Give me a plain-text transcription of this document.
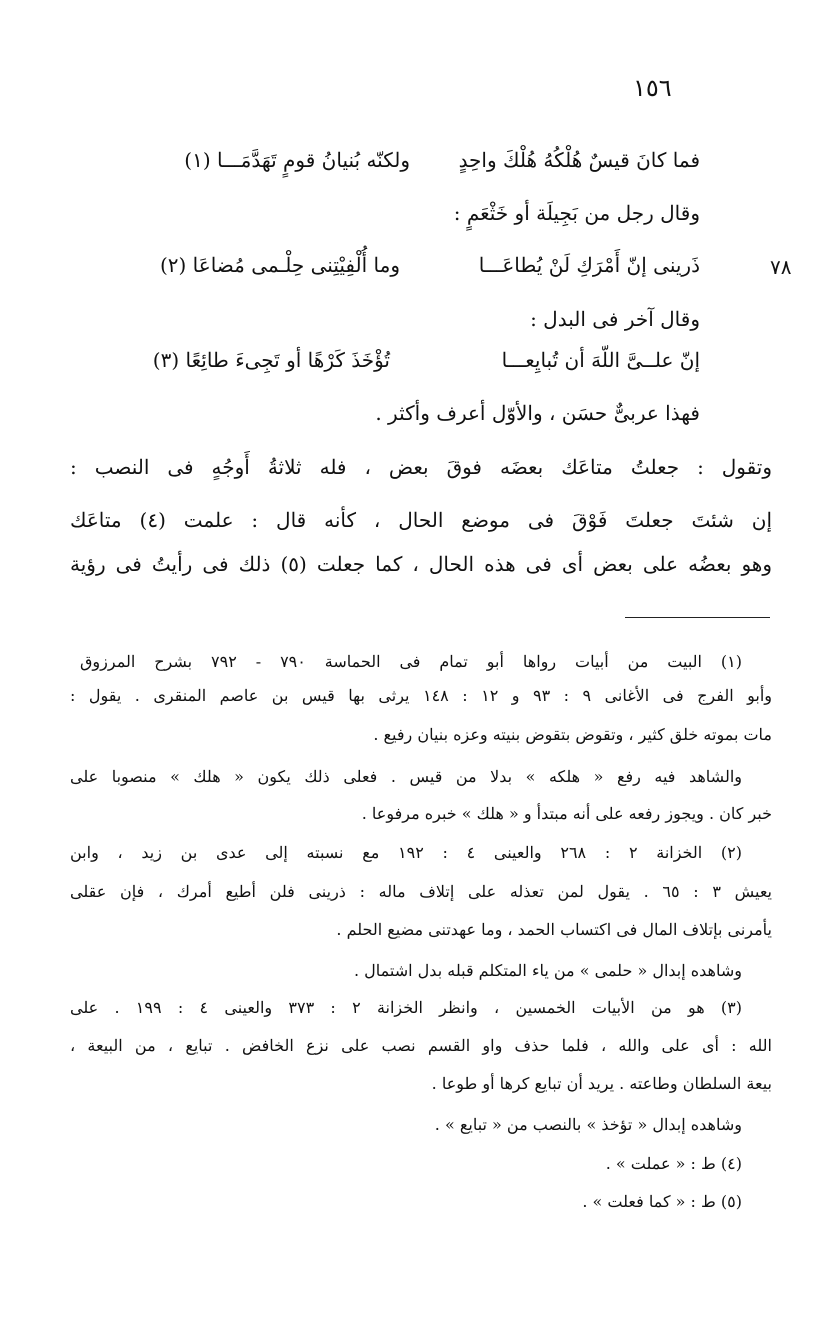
١٥٦
٧٨
فما كانَ قيسٌ هُلْكُهُ هُلْكَ واحِدٍ
ولكنّه بُنيانُ قومٍ تَهَدَّمَـــا (١)
وقال رجل من بَجِيلَة أو خَثْعَمٍ :
ذَرينى إنّ أَمْرَكِ لَنْ يُطاعَـــا
وما أُلْفِيْتِنى حِلْـمى مُضاعَا (٢)
وقال آخر فى البدل :
إنّ علــىَّ اللّهَ أن تُبايِعـــا
تُؤْخَذَ كَرْهًا أو تَجِىءَ طائِعًا (٣)
فهذا عربىٌّ حسَن ، والأوّل أعرف وأكثر .
وتقول : جعلتُ متاعَك بعضَه فوقَ بعض ، فله ثلاثةُ أَوجُهٍ فى النصب :
إن شئتَ جعلتَ فَوْقَ فى موضع الحال ، كأنه قال : علمت (٤) متاعَك
وهو بعضُه على بعض أى فى هذه الحال ، كما جعلت (٥) ذلك فى رأيتُ فى رؤية
(١) البيت من أبيات رواها أبو تمام فى الحماسة ٧٩٠ - ٧٩٢ بشرح المرزوق
وأبو الفرج فى الأغانى ٩ : ٩٣ و ١٢ : ١٤٨ يرثى بها قيس بن عاصم المنقرى . يقول :
مات بموته خلق كثير ، وتقوض بتقوض بنيته وعزه بنيان رفيع .
والشاهد فيه رفع « هلكه » بدلا من قيس . فعلى ذلك يكون « هلك » منصوبا على
خبر كان . ويجوز رفعه على أنه مبتدأ و « هلك » خبره مرفوعا .
(٢) الخزانة ٢ : ٢٦٨ والعينى ٤ : ١٩٢ مع نسبته إلى عدى بن زيد ، وابن
يعيش ٣ : ٦٥ . يقول لمن تعذله على إتلاف ماله : ذرينى فلن أطيع أمرك ، فإن عقلى
يأمرنى بإتلاف المال فى اكتساب الحمد ، وما عهدتنى مضيع الحلم .
وشاهده إبدال « حلمى » من ياء المتكلم قبله بدل اشتمال .
(٣) هو من الأبيات الخمسين ، وانظر الخزانة ٢ : ٣٧٣ والعينى ٤ : ١٩٩ . على
الله : أى على والله ، فلما حذف واو القسم نصب على نزع الخافض . تبايع ، من البيعة ،
بيعة السلطان وطاعته . يريد أن تبايع كرها أو طوعا .
وشاهده إبدال « تؤخذ » بالنصب من « تبايع » .
(٤) ط : « عملت » .
(٥) ط : « كما فعلت » .
